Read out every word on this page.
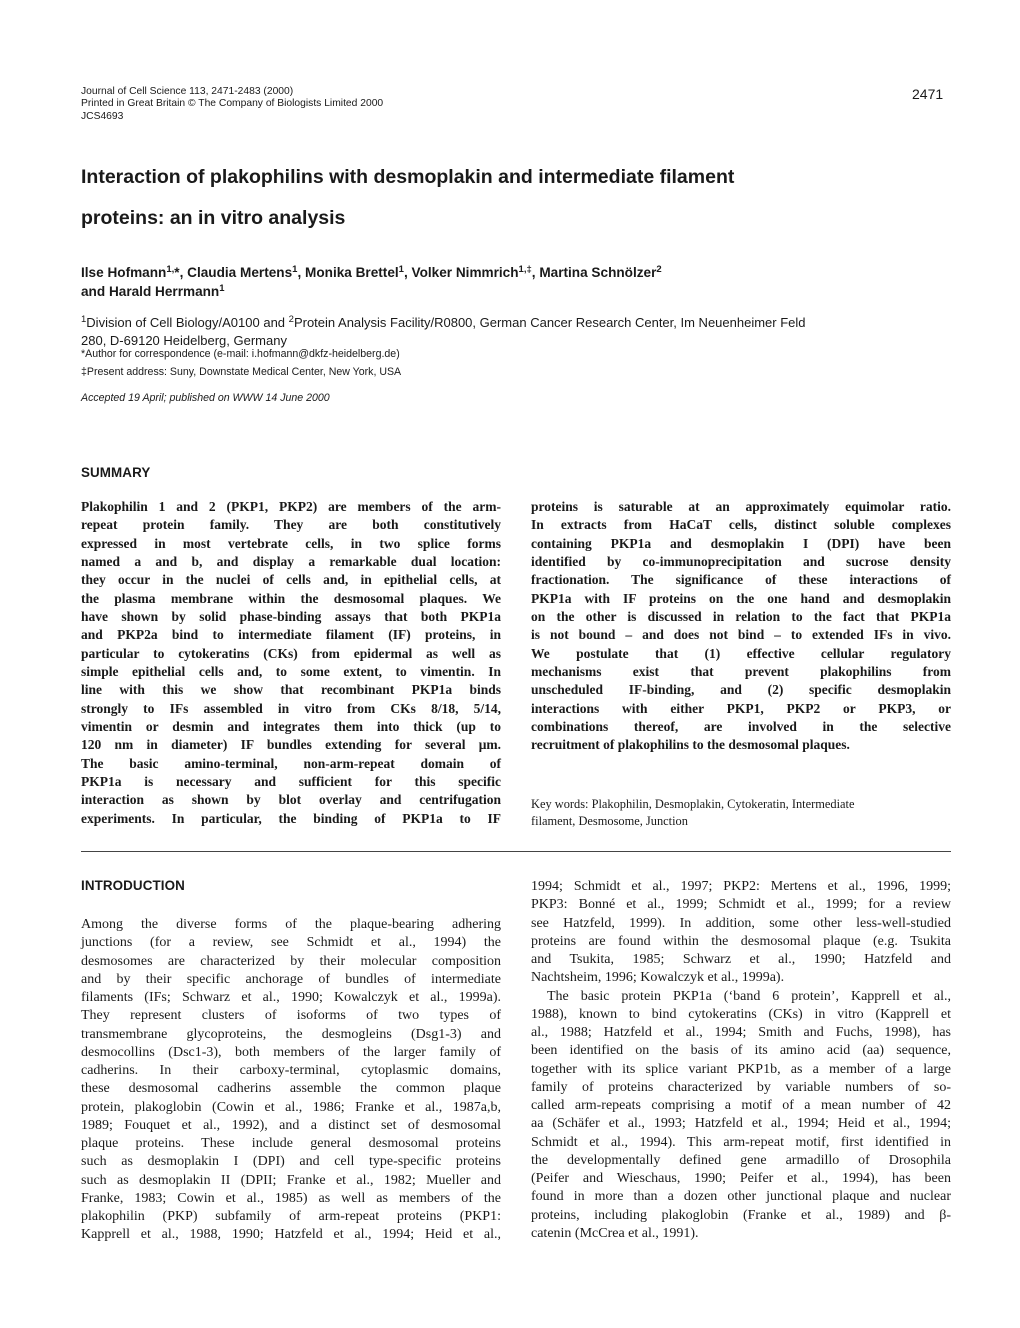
Journal of Cell Science 113, 2471-2483 (2000)
Printed in Great Britain © The Company of Biologists Limited 2000
JCS4693
2471
Interaction of plakophilins with desmoplakin and intermediate filament
proteins: an in vitro analysis
Ilse Hofmann$^{1,}$*, Claudia Mertens$^1$, Monika Brettel$^1$, Volker Nimmrich$^{1,\ddagger}$, Martina Schnölzer$^2$
and Harald Herrmann$^1$
$^1$Division of Cell Biology/A0100 and $^2$Protein Analysis Facility/R0800, German Cancer Research Center, Im Neuenheimer Feld
280, D-69120 Heidelberg, Germany
*Author for correspondence (e-mail: i.hofmann@dkfz-heidelberg.de)
‡Present address: Suny, Downstate Medical Center, New York, USA
Accepted 19 April; published on WWW 14 June 2000
SUMMARY
Plakophilin 1 and 2 (PKP1, PKP2) are members of the arm-
repeat protein family. They are both constitutively
expressed in most vertebrate cells, in two splice forms
named a and b, and display a remarkable dual location:
they occur in the nuclei of cells and, in epithelial cells, at
the plasma membrane within the desmosomal plaques. We
have shown by solid phase-binding assays that both PKP1a
and PKP2a bind to intermediate filament (IF) proteins, in
particular to cytokeratins (CKs) from epidermal as well as
simple epithelial cells and, to some extent, to vimentin. In
line with this we show that recombinant PKP1a binds
strongly to IFs assembled in vitro from CKs 8/18, 5/14,
vimentin or desmin and integrates them into thick (up to
120 nm in diameter) IF bundles extending for several μm.
The basic amino-terminal, non-arm-repeat domain of
PKP1a is necessary and sufficient for this specific
interaction as shown by blot overlay and centrifugation
experiments. In particular, the binding of PKP1a to IF
proteins is saturable at an approximately equimolar ratio.
In extracts from HaCaT cells, distinct soluble complexes
containing PKP1a and desmoplakin I (DPI) have been
identified by co-immunoprecipitation and sucrose density
fractionation. The significance of these interactions of
PKP1a with IF proteins on the one hand and desmoplakin
on the other is discussed in relation to the fact that PKP1a
is not bound – and does not bind – to extended IFs in vivo.
We postulate that (1) effective cellular regulatory
mechanisms exist that prevent plakophilins from
unscheduled IF-binding, and (2) specific desmoplakin
interactions with either PKP1, PKP2 or PKP3, or
combinations thereof, are involved in the selective
recruitment of plakophilins to the desmosomal plaques.
Key words: Plakophilin, Desmoplakin, Cytokeratin, Intermediate
filament, Desmosome, Junction
INTRODUCTION
Among the diverse forms of the plaque-bearing adhering
junctions (for a review, see Schmidt et al., 1994) the
desmosomes are characterized by their molecular composition
and by their specific anchorage of bundles of intermediate
filaments (IFs; Schwarz et al., 1990; Kowalczyk et al., 1999a).
They represent clusters of isoforms of two types of
transmembrane glycoproteins, the desmogleins (Dsg1-3) and
desmocollins (Dsc1-3), both members of the larger family of
cadherins. In their carboxy-terminal, cytoplasmic domains,
these desmosomal cadherins assemble the common plaque
protein, plakoglobin (Cowin et al., 1986; Franke et al., 1987a,b,
1989; Fouquet et al., 1992), and a distinct set of desmosomal
plaque proteins. These include general desmosomal proteins
such as desmoplakin I (DPI) and cell type-specific proteins
such as desmoplakin II (DPII; Franke et al., 1982; Mueller and
Franke, 1983; Cowin et al., 1985) as well as members of the
plakophilin (PKP) subfamily of arm-repeat proteins (PKP1:
Kapprell et al., 1988, 1990; Hatzfeld et al., 1994; Heid et al.,
1994; Schmidt et al., 1997; PKP2: Mertens et al., 1996, 1999;
PKP3: Bonné et al., 1999; Schmidt et al., 1999; for a review
see Hatzfeld, 1999). In addition, some other less-well-studied
proteins are found within the desmosomal plaque (e.g. Tsukita
and Tsukita, 1985; Schwarz et al., 1990; Hatzfeld and
Nachtsheim, 1996; Kowalczyk et al., 1999a).
The basic protein PKP1a (‘band 6 protein’, Kapprell et al.,
1988), known to bind cytokeratins (CKs) in vitro (Kapprell et
al., 1988; Hatzfeld et al., 1994; Smith and Fuchs, 1998), has
been identified on the basis of its amino acid (aa) sequence,
together with its splice variant PKP1b, as a member of a large
family of proteins characterized by variable numbers of so-
called arm-repeats comprising a motif of a mean number of 42
aa (Schäfer et al., 1993; Hatzfeld et al., 1994; Heid et al., 1994;
Schmidt et al., 1994). This arm-repeat motif, first identified in
the developmentally defined gene armadillo of Drosophila
(Peifer and Wieschaus, 1990; Peifer et al., 1994), has been
found in more than a dozen other junctional plaque and nuclear
proteins, including plakoglobin (Franke et al., 1989) and β-
catenin (McCrea et al., 1991).
